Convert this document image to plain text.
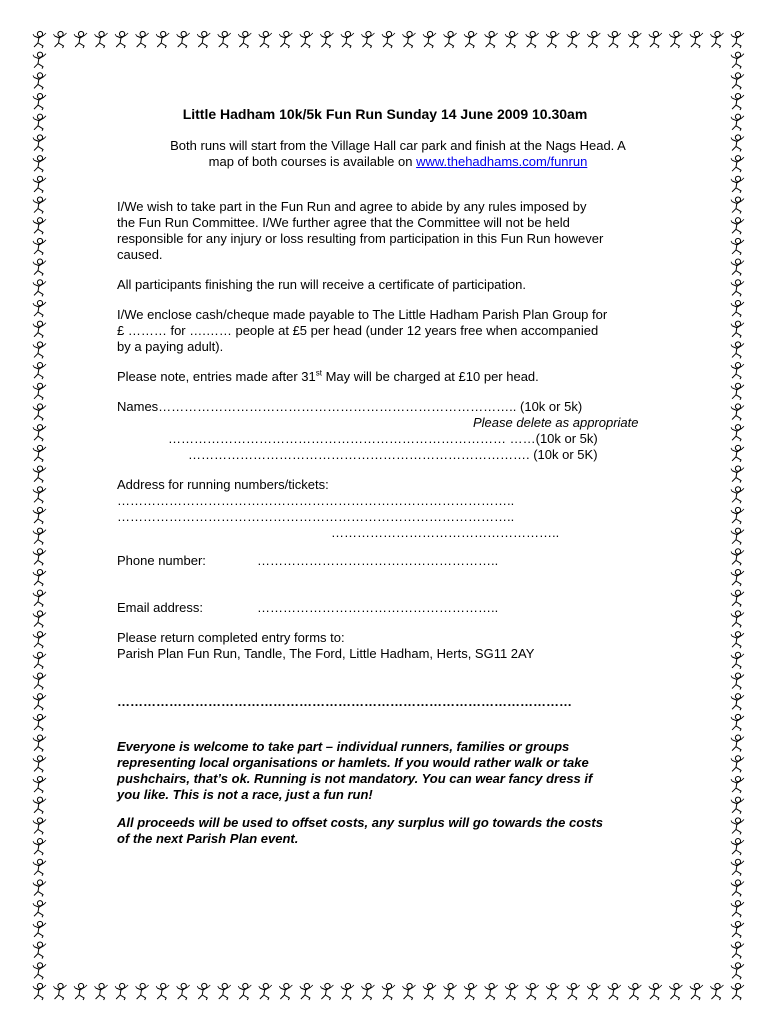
Little Hadham 10k/5k Fun Run Sunday 14 June 2009 10.30am

Both runs will start from the Village Hall car park and finish at the Nags Head. A

map of both courses is available on www.thehadhams.com/funrun

I/We wish to take part in the Fun Run and agree to abide by any rules imposed by

the Fun Run Committee. I/We further agree that the Committee will not be held

responsible for any injury or loss resulting from participation in this Fun Run however

caused.

All participants finishing the run will receive a certificate of participation.

I/We enclose cash/cheque made payable to The Little Hadham Parish Plan Group for

£ ……… for ….…… people at £5 per head (under 12 years free when accompanied

by a paying adult).

Please note, entries made after 31st May will be charged at £10 per head.

Names……………………………………………………………………….. (10k or 5k)

Please delete as appropriate

…………………………………………………………………… ……(10k or 5k)

……………………………………………………………………. (10k or 5K)

Address for running numbers/tickets:

………………………………………………………………………………..

………………………………………………………………………………..

……………………………………………..

Phone number:	………………………………………………..

Email address:	………………………………………………..

Please return completed entry forms to:

Parish Plan Fun Run, Tandle, The Ford, Little Hadham, Herts, SG11 2AY

……………………………………………………………………………………………

Everyone is welcome to take part – individual runners, families or groups

representing local organisations or hamlets. If you would rather walk or take

pushchairs, that’s ok. Running is not mandatory. You can wear fancy dress if

you like. This is not a race, just a fun run!

All proceeds will be used to offset costs, any surplus will go towards the costs

of the next Parish Plan event.
